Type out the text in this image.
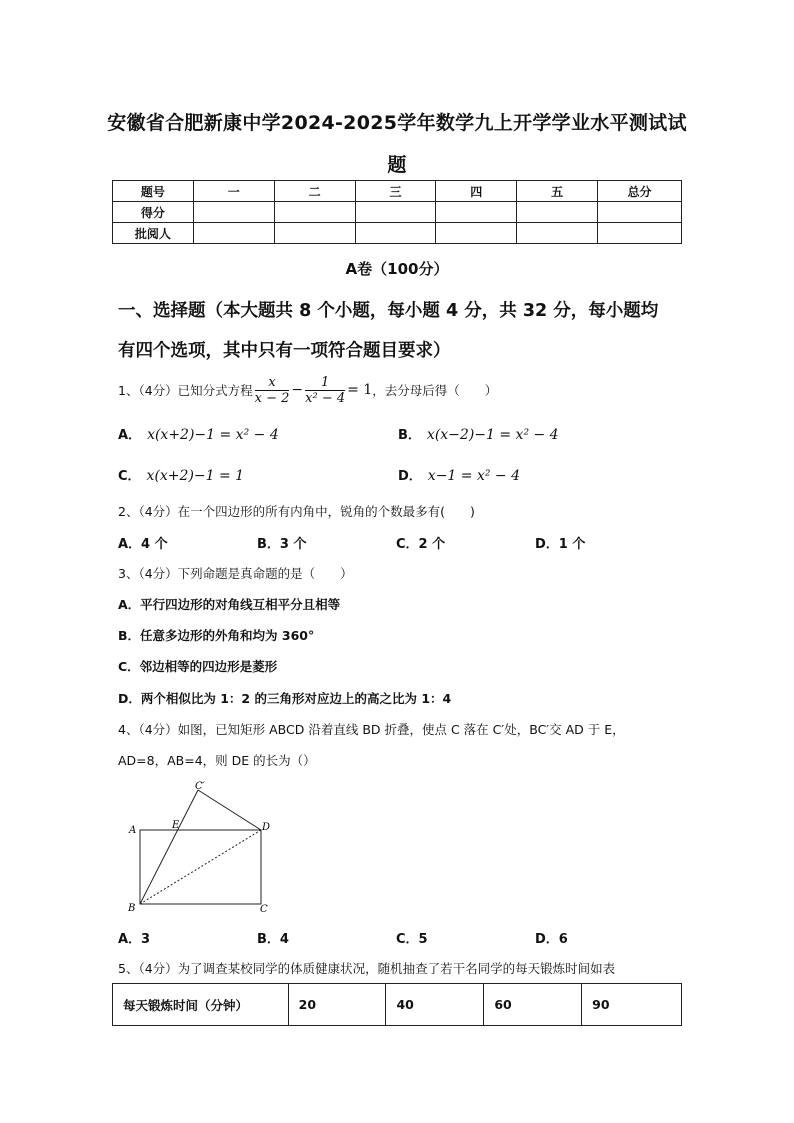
安徽省合肥新康中学2024-2025学年数学九上开学学业水平测试试
题
题号	一	二	三	四	五	总分
得分						
批阅人						
A卷（100分）
一、选择题（本大题共 8 个小题，每小题 4 分，共 32 分，每小题均
有四个选项，其中只有一项符合题目要求）
1、（4分）已知分式方程 $\frac{x}{x - 2} - \frac{1}{\text{x² − 4}} = 1$ ，去分母后得（　　）
A． x(x+2)−1 = x² − 4	B． x(x−2)−1 = x² − 4
C． x(x+2)−1 = 1	D． x−1 = x² − 4
2、（4分）在一个四边形的所有内角中，锐角的个数最多有(　　)
A．4 个	B．3 个	C．2 个	D．1 个
3、（4分）下列命题是真命题的是（　　）
A．平行四边形的对角线互相平分且相等
B．任意多边形的外角和均为 360°
C．邻边相等的四边形是菱形
D．两个相似比为 1：2 的三角形对应边上的高之比为 1：4
4、（4分）如图，已知矩形 ABCD 沿着直线 BD 折叠，使点 C 落在 C′处，BC′交 AD 于 E，
AD=8，AB=4，则 DE 的长为（）
A
B	C
D
E
C′
A．3	B．4	C．5	D．6
5、（4分）为了调查某校同学的体质健康状况，随机抽查了若干名同学的每天锻炼时间如表
每天锻炼时间（分钟）	20	40	60	90
